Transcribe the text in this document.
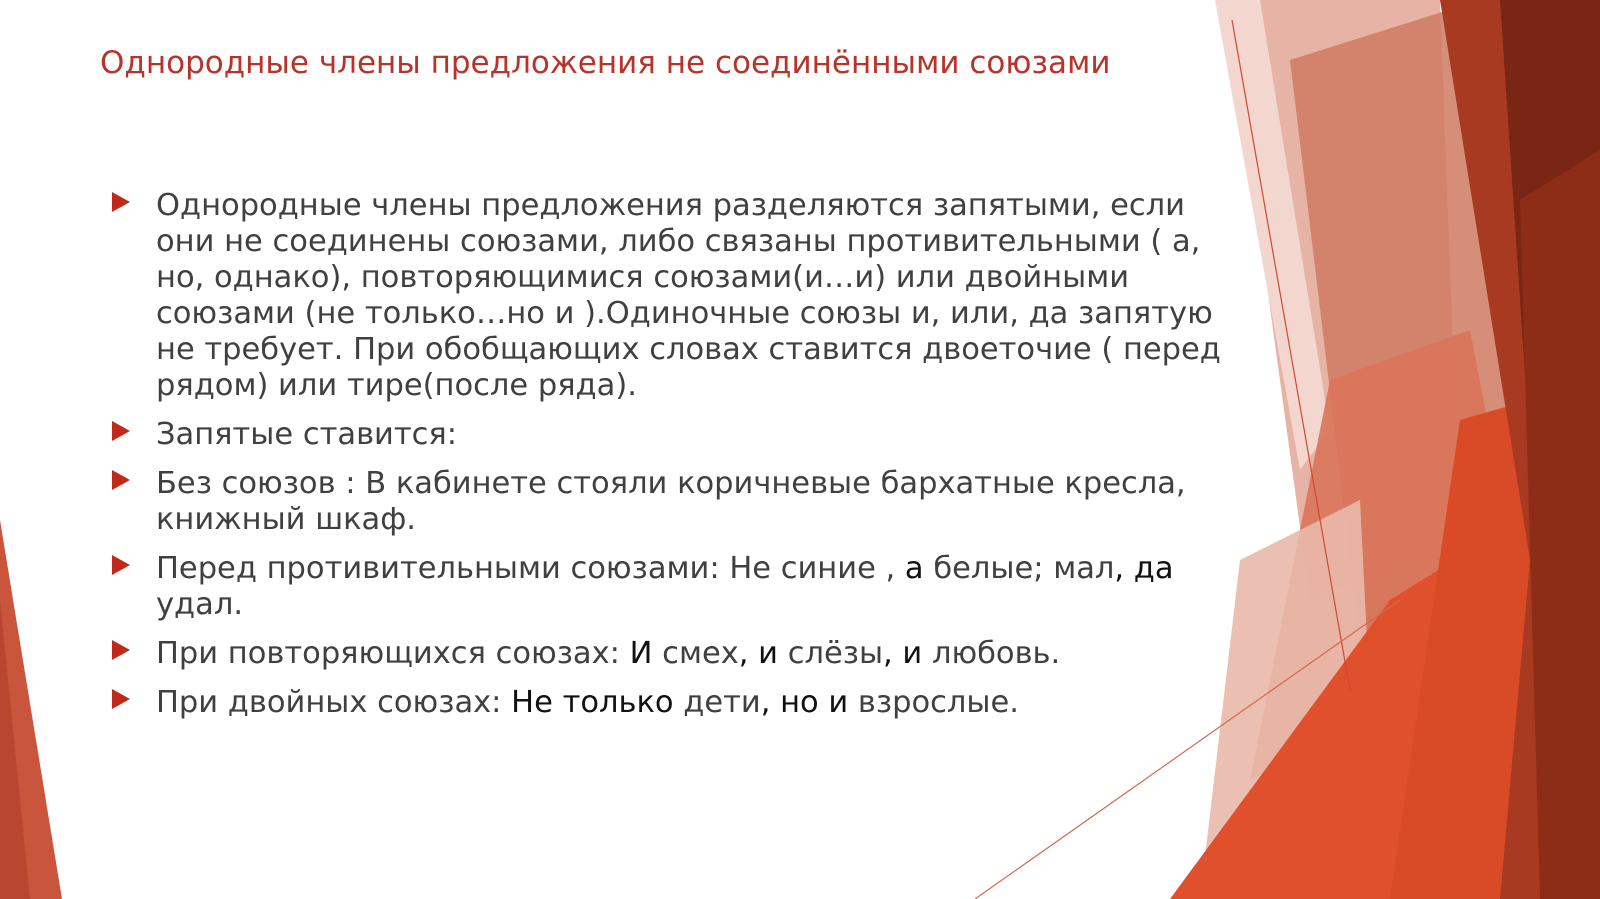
Однородные члены предложения не соединёнными союзами
Однородные члены предложения разделяются запятыми, если они не соединены союзами, либо связаны противительными ( а, но, однако), повторяющимися союзами(и…и) или двойными союзами (не только…но и ).Одиночные союзы и, или, да запятую не требует. При обобщающих словах ставится двоеточие ( перед рядом) или тире(после ряда).
Запятые ставится:
Без союзов : В кабинете стояли коричневые бархатные кресла, книжный шкаф.
Перед противительными союзами: Не синие , а белые; мал, да удал.
При повторяющихся союзах: И смех, и слёзы, и любовь.
При двойных союзах: Не только дети, но и взрослые.
